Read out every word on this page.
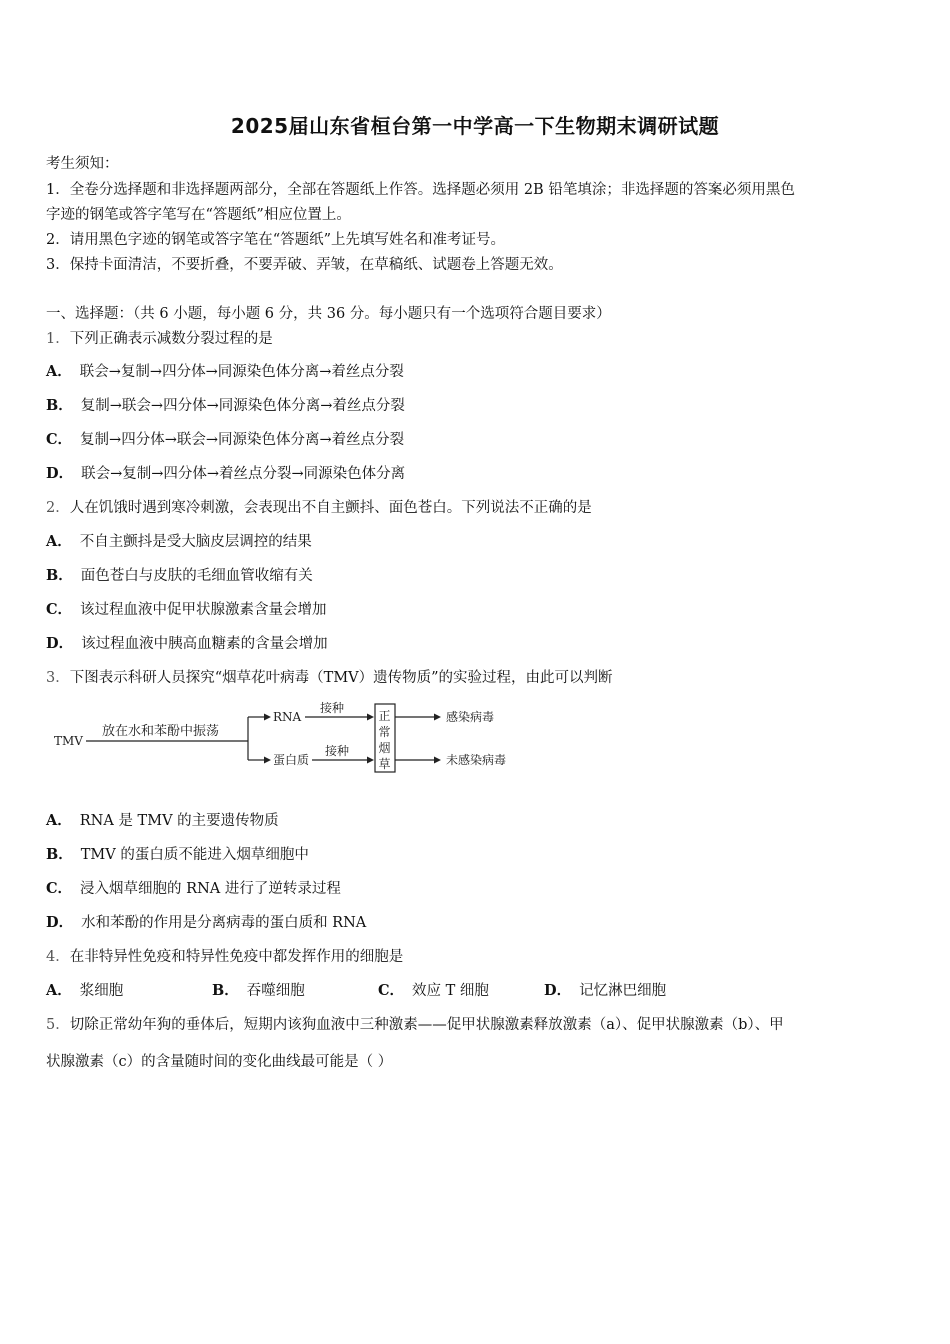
2025届山东省桓台第一中学高一下生物期末调研试题
考生须知：
1．全卷分选择题和非选择题两部分，全部在答题纸上作答。选择题必须用 2B 铅笔填涂；非选择题的答案必须用黑色
字迹的钢笔或答字笔写在“答题纸”相应位置上。
2．请用黑色字迹的钢笔或答字笔在“答题纸”上先填写姓名和准考证号。
3．保持卡面清洁，不要折叠，不要弄破、弄皱，在草稿纸、试题卷上答题无效。
一、选择题：（共 6 小题，每小题 6 分，共 36 分。每小题只有一个选项符合题目要求）
1．下列正确表示减数分裂过程的是
A． 联会→复制→四分体→同源染色体分离→着丝点分裂
B． 复制→联会→四分体→同源染色体分离→着丝点分裂
C． 复制→四分体→联会→同源染色体分离→着丝点分裂
D． 联会→复制→四分体→着丝点分裂→同源染色体分离
2．人在饥饿时遇到寒冷刺激，会表现出不自主颤抖、面色苍白。下列说法不正确的是
A． 不自主颤抖是受大脑皮层调控的结果
B． 面色苍白与皮肤的毛细血管收缩有关
C． 该过程血液中促甲状腺激素含量会增加
D． 该过程血液中胰高血糖素的含量会增加
3．下图表示科研人员探究“烟草花叶病毒（TMV）遗传物质”的实验过程，由此可以判断
TMV
放在水和苯酚中振荡
RNA
蛋白质
接种
接种
正
常
烟
草
感染病毒
未感染病毒
A． RNA 是 TMV 的主要遗传物质
B． TMV 的蛋白质不能进入烟草细胞中
C． 浸入烟草细胞的 RNA 进行了逆转录过程
D． 水和苯酚的作用是分离病毒的蛋白质和 RNA
4．在非特异性免疫和特异性免疫中都发挥作用的细胞是
A． 浆细胞	B． 吞噬细胞	C． 效应 T 细胞	D． 记忆淋巴细胞
5．切除正常幼年狗的垂体后，短期内该狗血液中三种激素——促甲状腺激素释放激素（a）、促甲状腺激素（b）、甲
状腺激素（c）的含量随时间的变化曲线最可能是（ ）
